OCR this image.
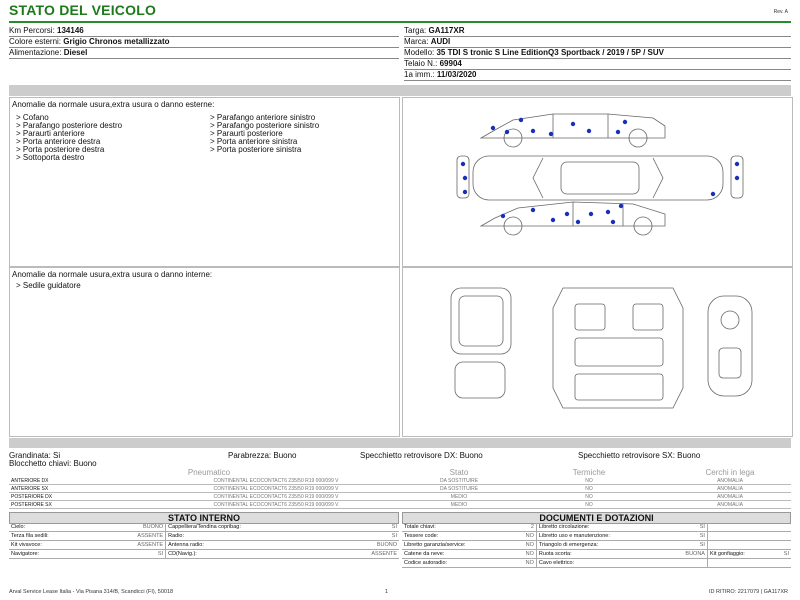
STATO DEL VEICOLO	Rev. A
Km Percorsi: 134146
Colore esterni: Grigio Chronos metallizzato
Alimentazione: Diesel
Targa: GA117XR
Marca: AUDI
Modello: 35 TDI S tronic S Line EditionQ3 Sportback / 2019 / 5P / SUV
Telaio N.: 69904
1a imm.: 11/03/2020
Anomalie da normale usura,extra usura o danno esterne:
> Cofano
> Parafango posteriore destro
> Paraurti anteriore
> Porta anteriore destra
> Porta posteriore destra
> Sottoporta destro
> Parafango anteriore sinistro
> Parafango posteriore sinistro
> Paraurti posteriore
> Porta anteriore sinistra
> Porta posteriore sinistra
Anomalie da normale usura,extra usura o danno interne:
> Sedile guidatore
Grandinata: Si	Parabrezza: Buono	Specchietto retrovisore DX: Buono	Specchietto retrovisore SX: Buono
Blocchetto chiavi: Buono
Pneumatico		Stato	Termiche	Cerchi in lega
ANTERIORE DX	CONTINENTAL ECOCONTACT6 235/50 R19 000/099 V	DA SOSTITUIRE	NO	ANOMALIA
ANTERIORE SX	CONTINENTAL ECOCONTACT6 235/50 R19 000/099 V	DA SOSTITUIRE	NO	ANOMALIA
POSTERIORE DX	CONTINENTAL ECOCONTACT6 235/50 R19 000/099 V	MEDIO	NO	ANOMALIA
POSTERIORE SX	CONTINENTAL ECOCONTACT6 235/50 R19 000/099 V	MEDIO	NO	ANOMALIA
STATO INTERNO
Cielo:	BUONO	Cappelliera/Tendina copribag:	SI
Terza fila sedili:	ASSENTE	Radio:	SI
Kit vivavoce:	ASSENTE	Antenna radio:	BUONO
Navigatore:	SI	CD(Navig.):	ASSENTE
DOCUMENTI E DOTAZIONI
Totale chiavi:	2	Libretto circolazione:	SI		
Tessere code:	NO	Libretto uso e manutenzione:	SI		
Libretto garanzia/service:	NO	Triangolo di emergenza:	SI		
Catene da neve:	NO	Ruota scorta:	BUONA	Kit gonfiaggio:	SI
Codice autoradio:	NO	Cavo elettrico:			
Arval Service Lease Italia - Via Pisana 314/B, Scandicci (FI), 50018	1	ID RITIRO: 2217079 | GA117XR
